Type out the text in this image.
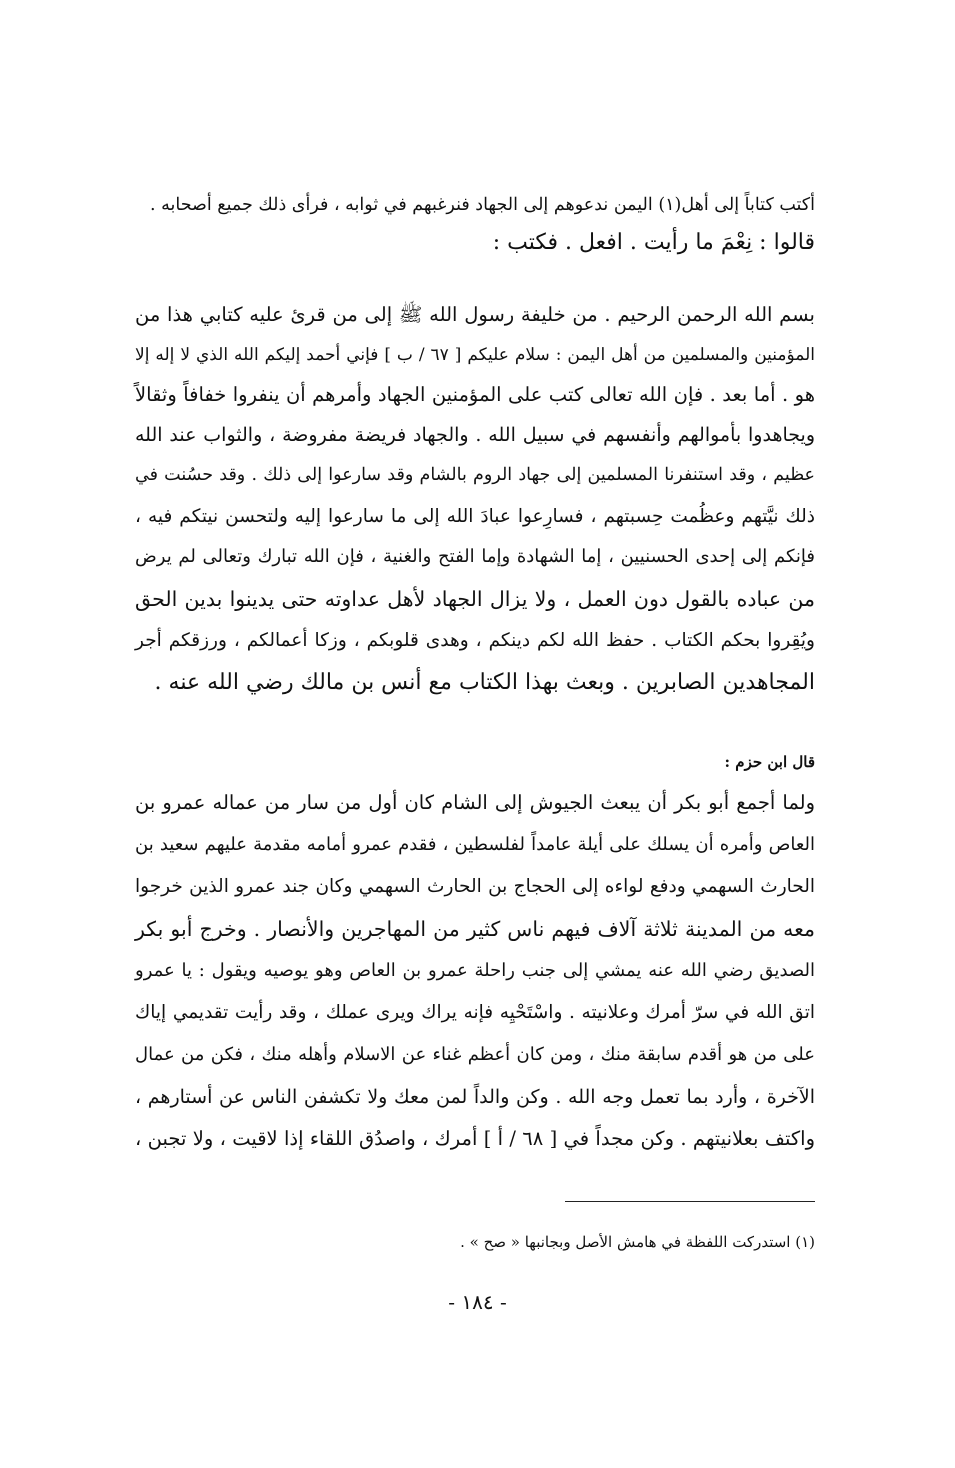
أكتب كتاباً إلى أهل(١) اليمن ندعوهم إلى الجهاد فنرغبهم في ثوابه ، فرأى ذلك جميع أصحابه .
قالوا : نِعْمَ ما رأيت . افعل . فكتب :
بسم الله الرحمن الرحيم . من خليفة رسول الله ﷺ إلى من قرئ عليه كتابي هذا من
المؤمنين والمسلمين من أهل اليمن : سلام عليكم [ ٦٧ / ب ] فإني أحمد إليكم الله الذي لا إله إلا
هو . أما بعد . فإن الله تعالى كتب على المؤمنين الجهاد وأمرهم أن ينفروا خفافاً وثقالاً
ويجاهدوا بأموالهم وأنفسهم في سبيل الله . والجهاد فريضة مفروضة ، والثواب عند الله
عظيم ، وقد استنفرنا المسلمين إلى جهاد الروم بالشام وقد سارعوا إلى ذلك . وقد حسُنت في
ذلك نيَّتهم وعظُمت حِسبتهم ، فسارِعوا عبادَ الله إلى ما سارعوا إليه ولتحسن نيتكم فيه ،
فإنكم إلى إحدى الحسنيين ، إما الشهادة وإما الفتح والغنية ، فإن الله تبارك وتعالى لم يرض
من عباده بالقول دون العمل ، ولا يزال الجهاد لأهل عداوته حتى يدينوا بدين الحق
ويُقِروا بحكم الكتاب . حفظ الله لكم دينكم ، وهدى قلوبكم ، وزكا أعمالكم ، ورزقكم أجر
المجاهدين الصابرين . وبعث بهذا الكتاب مع أنس بن مالك رضي الله عنه .
قال ابن حزم :
ولما أجمع أبو بكر أن يبعث الجيوش إلى الشام كان أول من سار من عماله عمرو بن
العاص وأمره أن يسلك على أيلة عامداً لفلسطين ، فقدم عمرو أمامه مقدمة عليهم سعيد بن
الحارث السهمي ودفع لواءه إلى الحجاج بن الحارث السهمي وكان جند عمرو الذين خرجوا
معه من المدينة ثلاثة آلاف فيهم ناس كثير من المهاجرين والأنصار . وخرج أبو بكر
الصديق رضي الله عنه يمشي إلى جنب راحلة عمرو بن العاص وهو يوصيه ويقول : يا عمرو
اتق الله في سرّ أمرك وعلانيته . واسْتَحْيِه فإنه يراك ويرى عملك ، وقد رأيت تقديمي إياك
على من هو أقدم سابقة منك ، ومن كان أعظم غناء عن الاسلام وأهله منك ، فكن من عمال
الآخرة ، وأرد بما تعمل وجه الله . وكن والداً لمن معك ولا تكشفن الناس عن أستارهم ،
واكتف بعلانيتهم . وكن مجداً في [ ٦٨ / أ ] أمرك ، واصدُق اللقاء إذا لاقيت ، ولا تجبن ،
(١) استدركت اللفظة في هامش الأصل وبجانبها « صح » .
- ١٨٤ -
